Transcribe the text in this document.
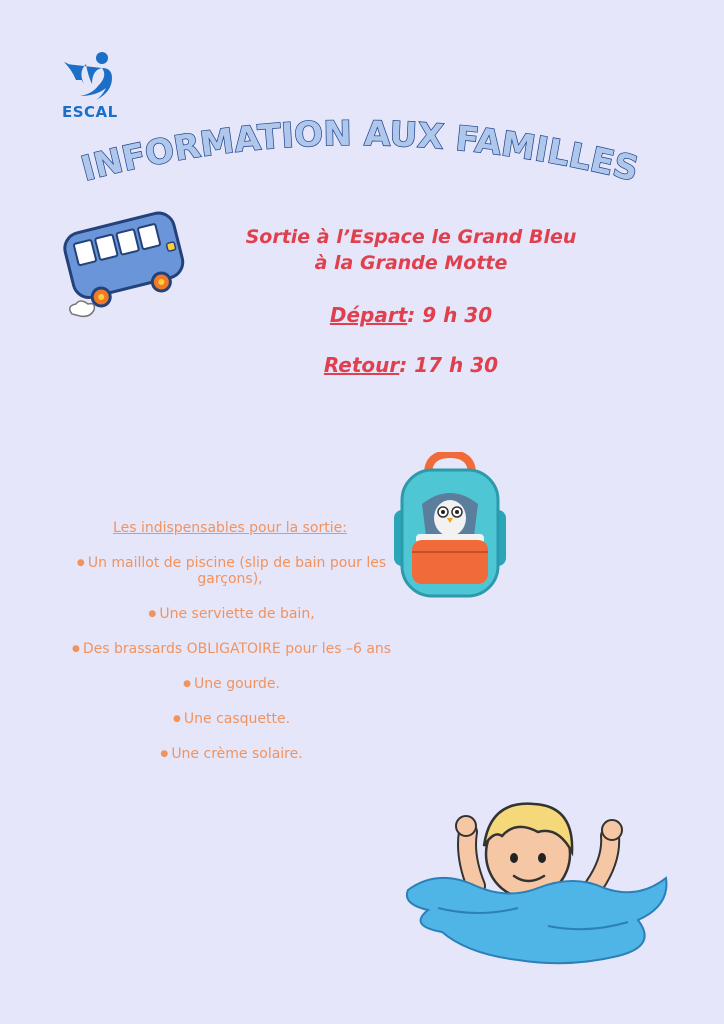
ESCAL
INFORMATION AUX FAMILLES
Sortie à l’Espace le Grand Bleu
à la Grande Motte
Départ: 9 h 30
Retour: 17 h 30
Les indispensables pour la sortie:
● Un maillot de piscine (slip de bain pour les garçons),
● Une serviette de bain,
● Des brassards OBLIGATOIRE pour les –6 ans
● Une gourde.
● Une casquette.
● Une crème solaire.
